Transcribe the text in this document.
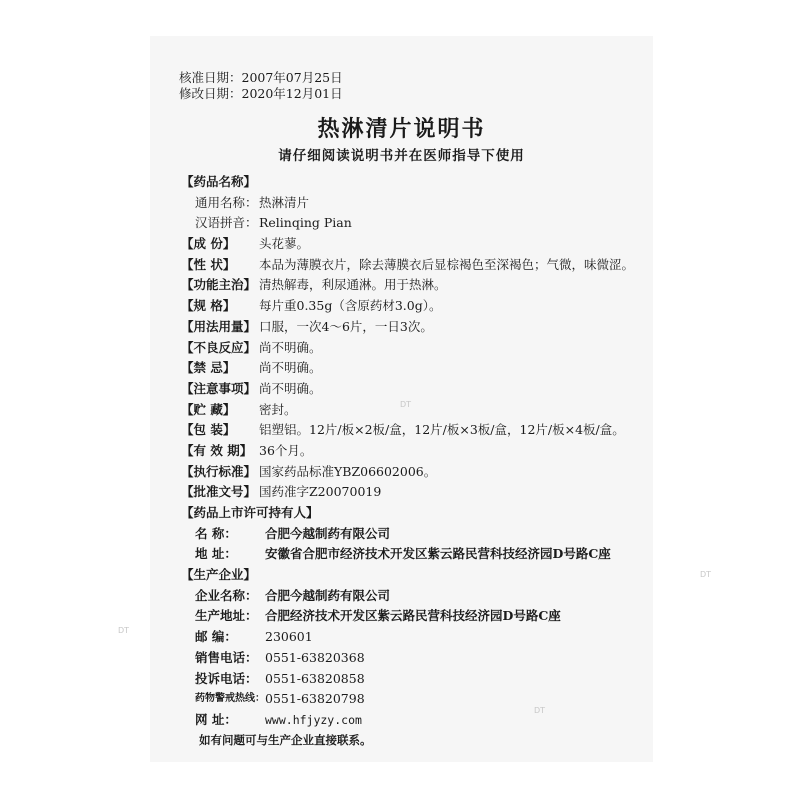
DT
DT
DT
DT
核准日期：2007年07月25日
修改日期：2020年12月01日
热淋清片说明书
请仔细阅读说明书并在医师指导下使用
【药品名称】
通用名称： 热淋清片
汉语拼音： Relinqing Pian
【成 份】	头花蓼。
【性 状】	本品为薄膜衣片，除去薄膜衣后显棕褐色至深褐色；气微，味微涩。
【功能主治】 清热解毒，利尿通淋。用于热淋。
【规 格】	每片重0.35g（含原药材3.0g）。
【用法用量】 口服，一次4～6片，一日3次。
【不良反应】 尚不明确。
【禁 忌】	尚不明确。
【注意事项】 尚不明确。
【贮 藏】	密封。
【包 装】	铝塑铝。12片/板×2板/盒，12片/板×3板/盒，12片/板×4板/盒。
【有 效 期】 36个月。
【执行标准】 国家药品标准YBZ06602006。
【批准文号】 国药准字Z20070019
【药品上市许可持有人】
名 称：	合肥今越制药有限公司
地 址：	安徽省合肥市经济技术开发区紫云路民营科技经济园D号路C座
【生产企业】
企业名称： 合肥今越制药有限公司
生产地址： 合肥经济技术开发区紫云路民营科技经济园D号路C座
邮 编：	230601
销售电话： 0551-63820368
投诉电话： 0551-63820858
药物警戒热线： 0551-63820798
网 址：	www.hfjyzy.com
如有问题可与生产企业直接联系。
